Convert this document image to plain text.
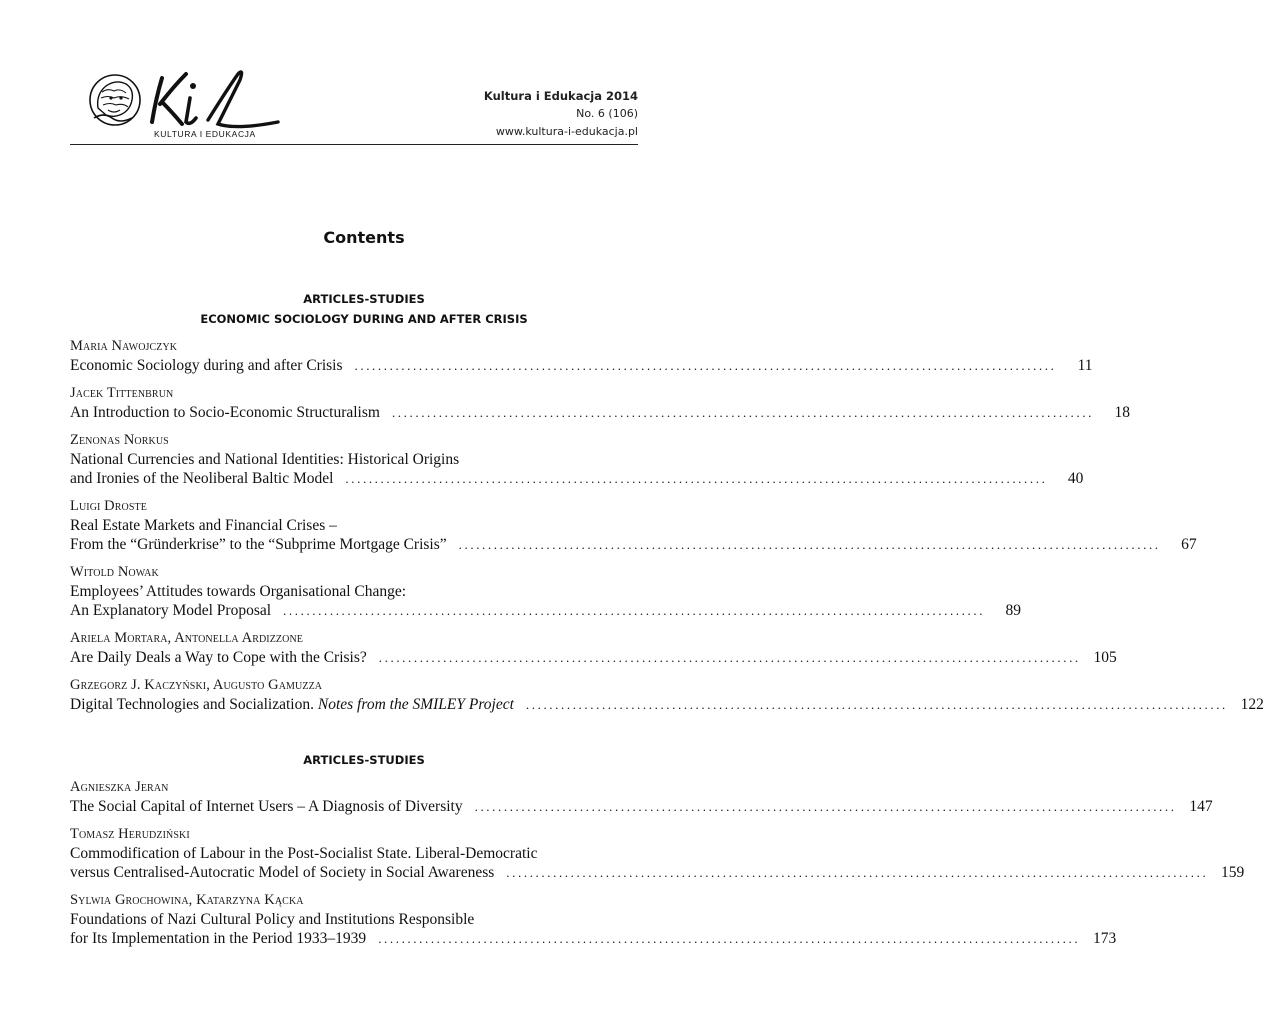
KULTURA I EDUKACJA
Kultura i Edukacja 2014
No. 6 (106)
www.kultura-i-edukacja.pl
Contents
ARTICLES-STUDIES
ECONOMIC SOCIOLOGY DURING AND AFTER CRISIS
Maria Nawojczyk
Economic Sociology during and after Crisis ........................................................................................................................	11
Jacek Tittenbrun
An Introduction to Socio-Economic Structuralism ........................................................................................................................	18
Zenonas Norkus
National Currencies and National Identities: Historical Origins
and Ironies of the Neoliberal Baltic Model ........................................................................................................................	40
Luigi Droste
Real Estate Markets and Financial Crises –
From the “Gründerkrise” to the “Subprime Mortgage Crisis” ........................................................................................................................	67
Witold Nowak
Employees’ Attitudes towards Organisational Change:
An Explanatory Model Proposal ........................................................................................................................	89
Ariela Mortara, Antonella Ardizzone
Are Daily Deals a Way to Cope with the Crisis? ........................................................................................................................ 105
Grzegorz J. Kaczyński, Augusto Gamuzza
Digital Technologies and Socialization. Notes from the SMILEY Project ........................................................................................................................ 122
ARTICLES-STUDIES
Agnieszka Jeran
The Social Capital of Internet Users – A Diagnosis of Diversity ........................................................................................................................ 147
Tomasz Herudziński
Commodification of Labour in the Post-Socialist State. Liberal-Democratic
versus Centralised-Autocratic Model of Society in Social Awareness ........................................................................................................................ 159
Sylwia Grochowina, Katarzyna Kącka
Foundations of Nazi Cultural Policy and Institutions Responsible
for Its Implementation in the Period 1933–1939 ........................................................................................................................ 173
